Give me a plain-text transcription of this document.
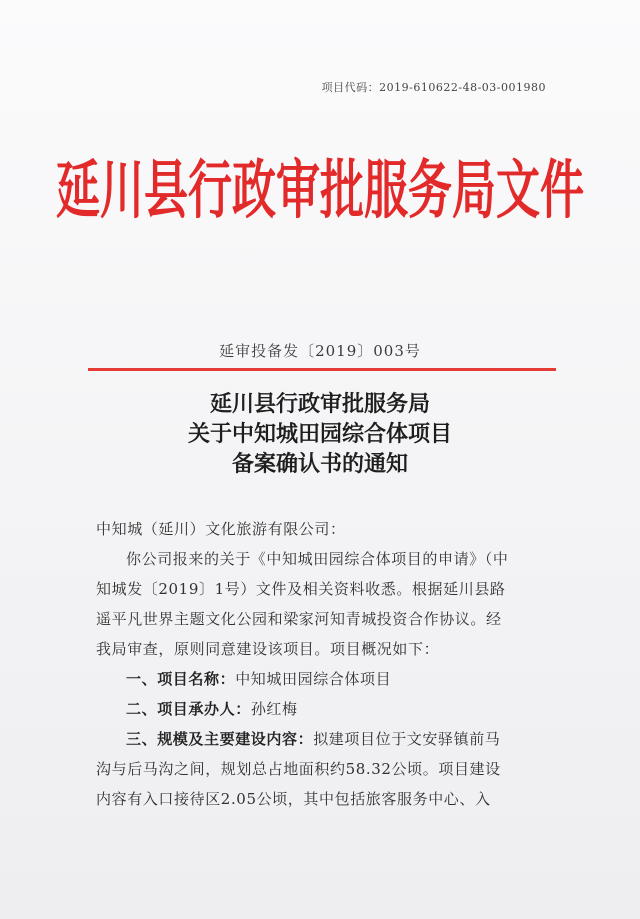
项目代码：2019-610622-48-03-001980
延川县行政审批服务局文件
延审投备发〔2019〕003号
延川县行政审批服务局
关于中知城田园综合体项目
备案确认书的通知

中知城（延川）文化旅游有限公司：

你公司报来的关于《中知城田园综合体项目的申请》（中

知城发〔2019〕1号）文件及相关资料收悉。根据延川县路

遥平凡世界主题文化公园和梁家河知青城投资合作协议。经

我局审查，原则同意建设该项目。项目概况如下：

一、项目名称：中知城田园综合体项目

二、项目承办人：孙红梅

三、规模及主要建设内容：拟建项目位于文安驿镇前马

沟与后马沟之间，规划总占地面积约58.32公顷。项目建设

内容有入口接待区2.05公顷，其中包括旅客服务中心、入
